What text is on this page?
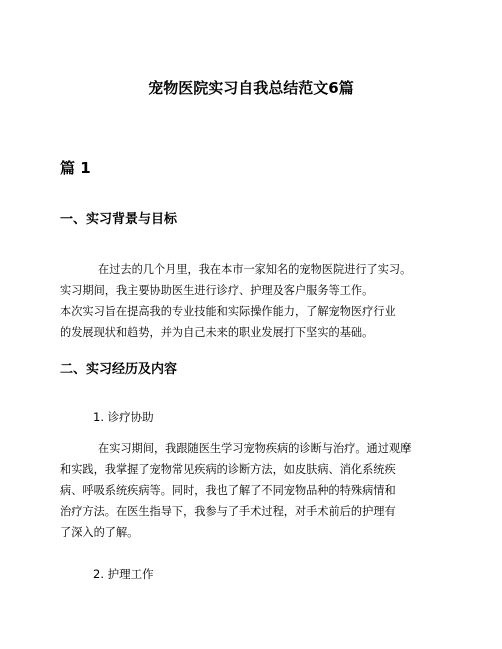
宠物医院实习自我总结范文6篇
篇 1
一、实习背景与目标
在过去的几个月里，我在本市一家知名的宠物医院进行了实习。
实习期间，我主要协助医生进行诊疗、护理及客户服务等工作。
本次实习旨在提高我的专业技能和实际操作能力，了解宠物医疗行业
的发展现状和趋势，并为自己未来的职业发展打下坚实的基础。
二、实习经历及内容
1. 诊疗协助
在实习期间，我跟随医生学习宠物疾病的诊断与治疗。通过观摩
和实践，我掌握了宠物常见疾病的诊断方法，如皮肤病、消化系统疾
病、呼吸系统疾病等。同时，我也了解了不同宠物品种的特殊病情和
治疗方法。在医生指导下，我参与了手术过程，对手术前后的护理有
了深入的了解。
2. 护理工作
